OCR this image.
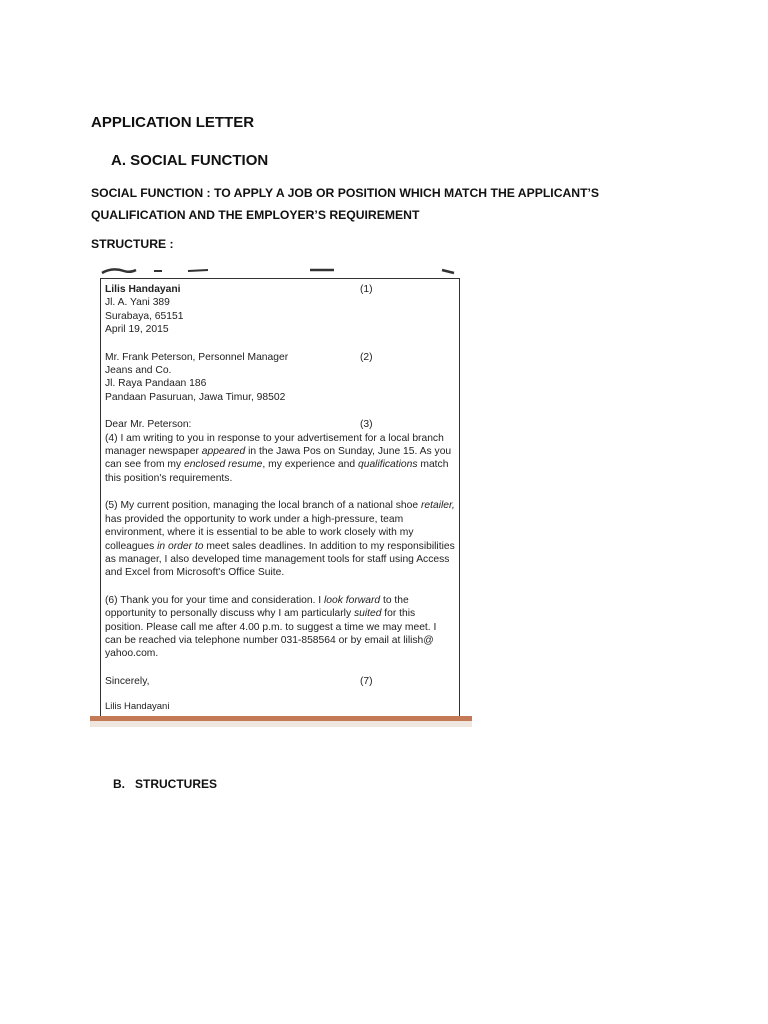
APPLICATION LETTER
A. SOCIAL FUNCTION
SOCIAL FUNCTION : TO APPLY A JOB OR POSITION WHICH MATCH THE APPLICANT’S QUALIFICATION AND THE EMPLOYER’S REQUIREMENT
STRUCTURE :
Lilis Handayani	(1)
Jl. A. Yani 389
Surabaya, 65151
April 19, 2015
Mr. Frank Peterson, Personnel Manager	(2)
Jeans and Co.
Jl. Raya Pandaan 186
Pandaan Pasuruan, Jawa Timur, 98502
Dear Mr. Peterson:	(3)

(4) I am writing to you in response to your advertisement for a local branch manager newspaper appeared in the Jawa Pos on Sunday, June 15. As you can see from my enclosed resume, my experience and qualifications match this position's requirements.

(5) My current position, managing the local branch of a national shoe retailer, has provided the opportunity to work under a high-pressure, team environment, where it is essential to be able to work closely with my colleagues in order to meet sales deadlines. In addition to my responsibilities as manager, I also developed time management tools for staff using Access and Excel from Microsoft's Office Suite.

(6) Thank you for your time and consideration. I look forward to the opportunity to personally discuss why I am particularly suited for this position. Please call me after 4.00 p.m. to suggest a time we may meet. I can be reached via telephone number 031-858564 or by email at lilish@ yahoo.com.

Sincerely,	(7)
Lilis Handayani
B. STRUCTURES
